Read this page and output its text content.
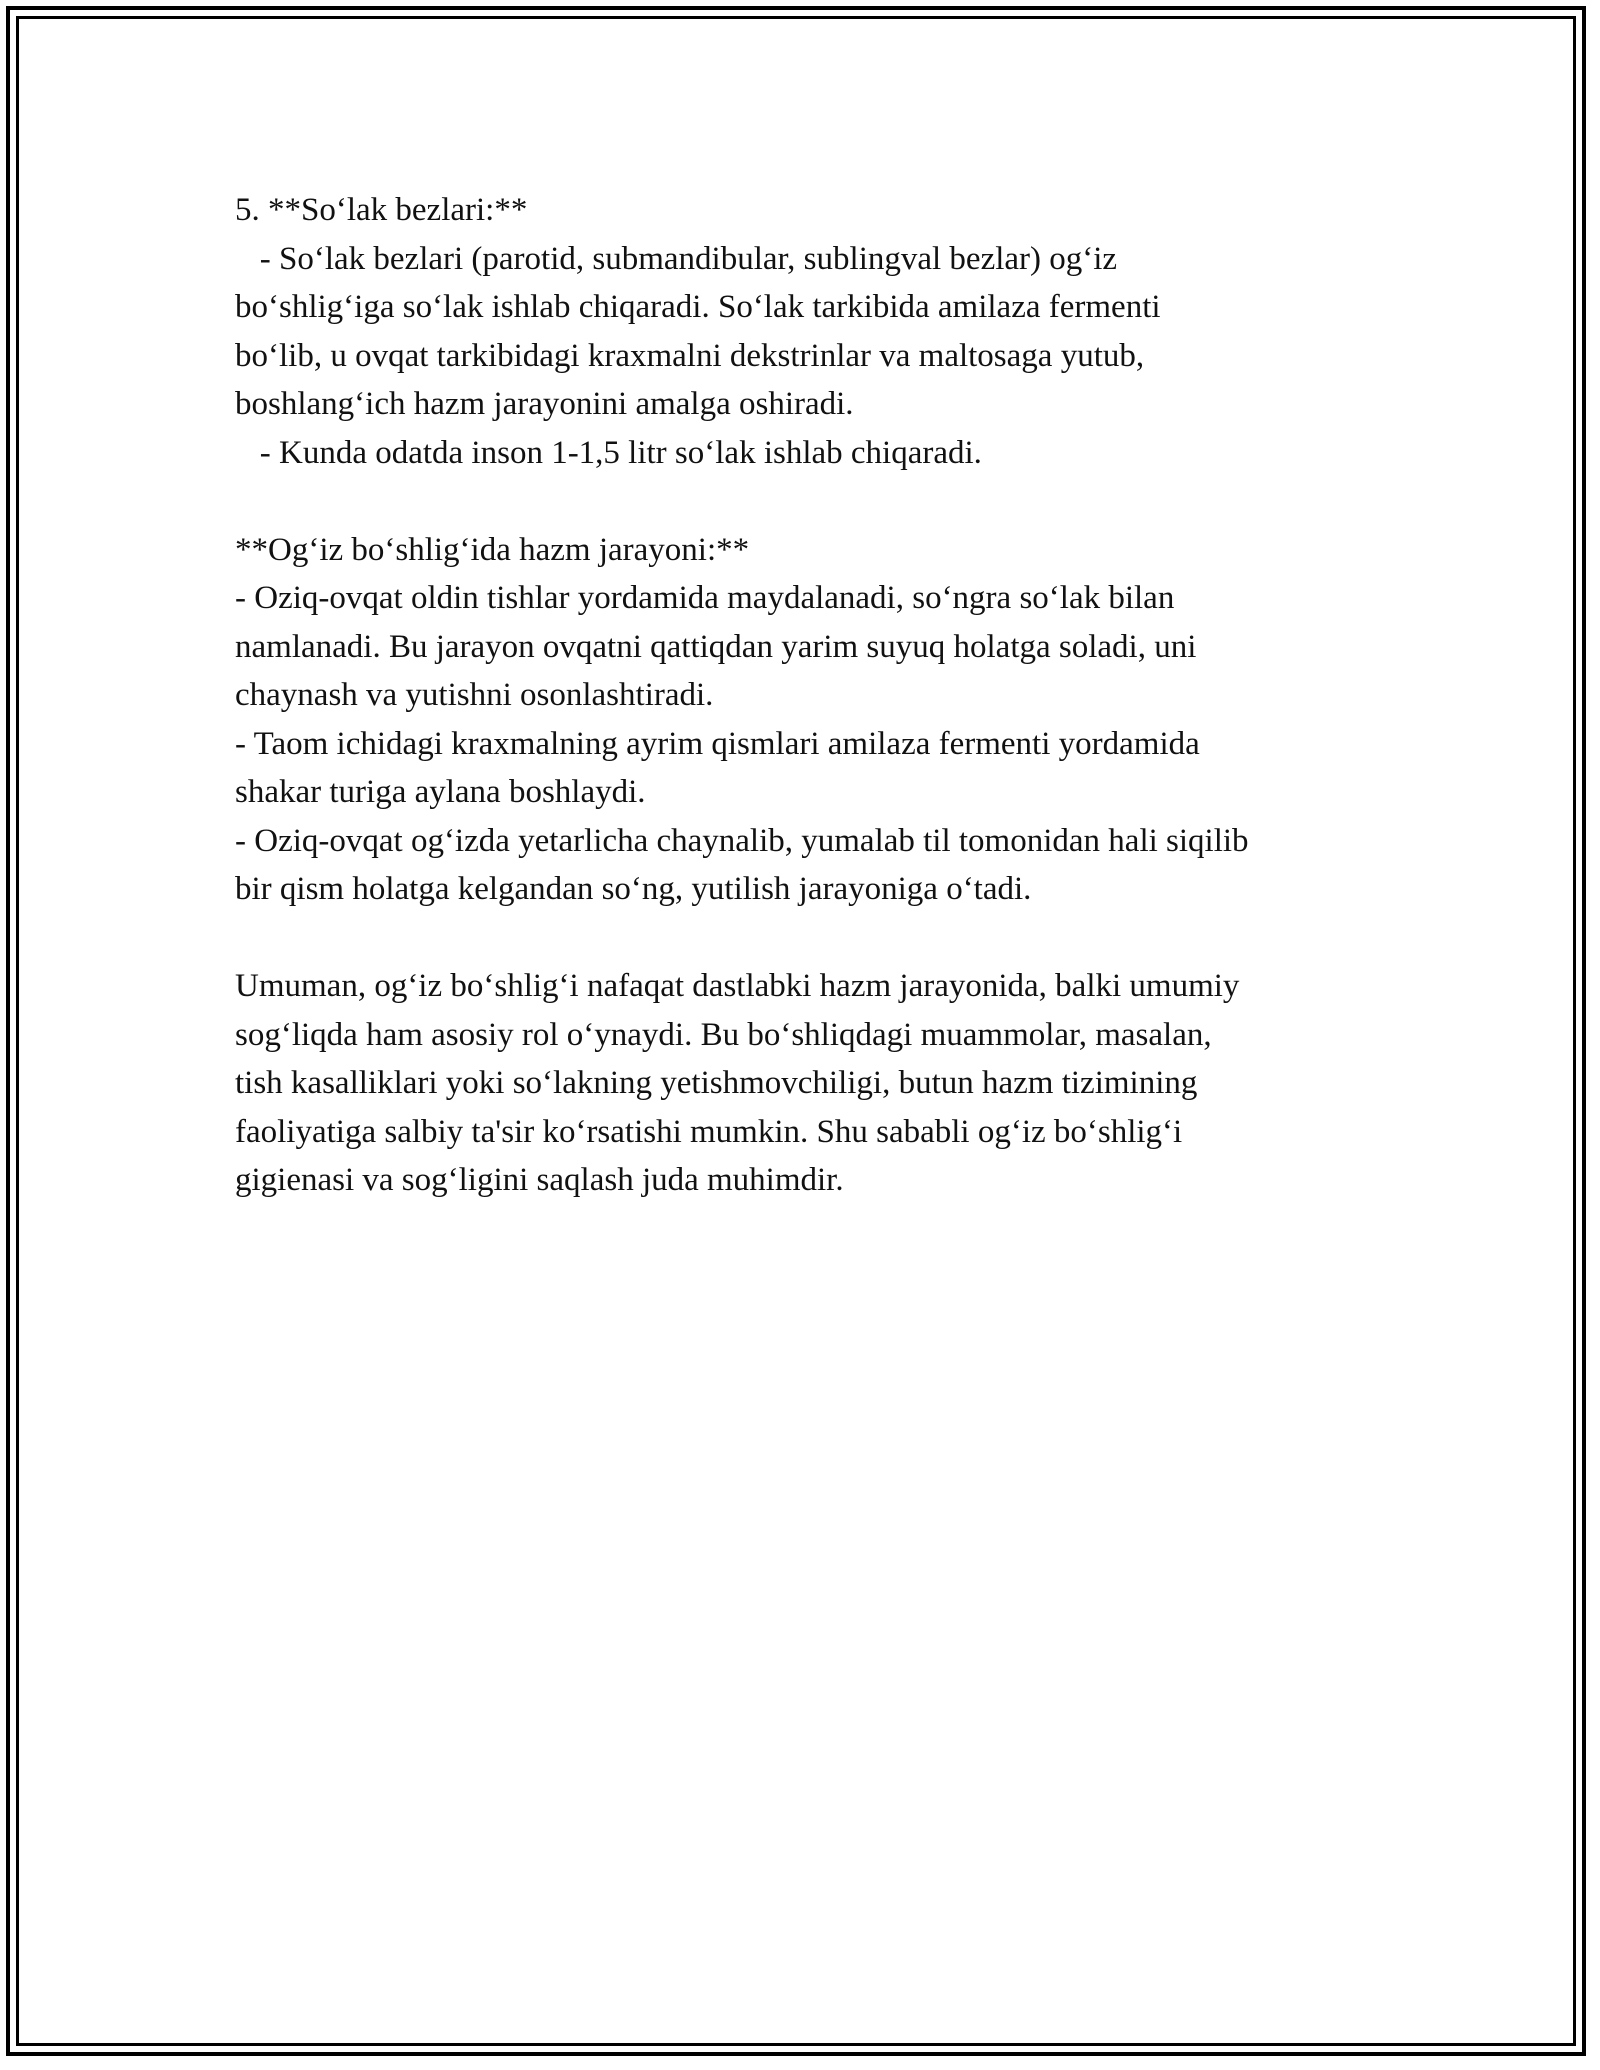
5. **So‘lak bezlari:**
- So‘lak bezlari (parotid, submandibular, sublingval bezlar) og‘iz
bo‘shlig‘iga so‘lak ishlab chiqaradi. So‘lak tarkibida amilaza fermenti
bo‘lib, u ovqat tarkibidagi kraxmalni dekstrinlar va maltosaga yutub,
boshlang‘ich hazm jarayonini amalga oshiradi.
- Kunda odatda inson 1-1,5 litr so‘lak ishlab chiqaradi.
**Og‘iz bo‘shlig‘ida hazm jarayoni:**
- Oziq-ovqat oldin tishlar yordamida maydalanadi, so‘ngra so‘lak bilan
namlanadi. Bu jarayon ovqatni qattiqdan yarim suyuq holatga soladi, uni
chaynash va yutishni osonlashtiradi.
- Taom ichidagi kraxmalning ayrim qismlari amilaza fermenti yordamida
shakar turiga aylana boshlaydi.
- Oziq-ovqat og‘izda yetarlicha chaynalib, yumalab til tomonidan hali siqilib
bir qism holatga kelgandan so‘ng, yutilish jarayoniga o‘tadi.
Umuman, og‘iz bo‘shlig‘i nafaqat dastlabki hazm jarayonida, balki umumiy
sog‘liqda ham asosiy rol o‘ynaydi. Bu bo‘shliqdagi muammolar, masalan,
tish kasalliklari yoki so‘lakning yetishmovchiligi, butun hazm tizimining
faoliyatiga salbiy ta'sir ko‘rsatishi mumkin. Shu sababli og‘iz bo‘shlig‘i
gigienasi va sog‘ligini saqlash juda muhimdir.
